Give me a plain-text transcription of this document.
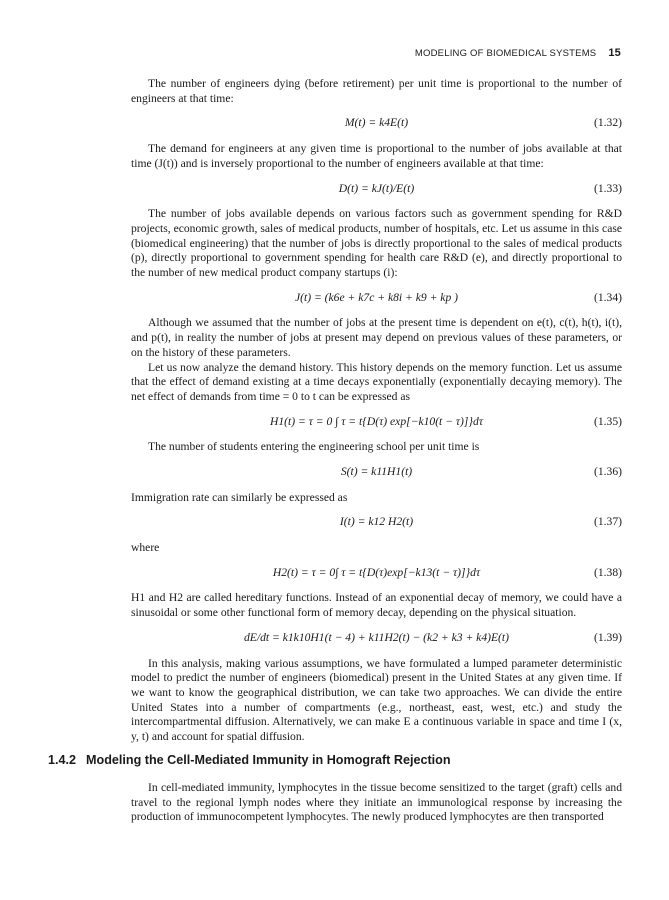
MODELING OF BIOMEDICAL SYSTEMS 15

The number of engineers dying (before retirement) per unit time is proportional to the number of engineers at that time:

M(t) = k4E(t)	(1.32)

The demand for engineers at any given time is proportional to the number of jobs available at that time (J(t)) and is inversely proportional to the number of engineers available at that time:

D(t) = kJ(t)/E(t)	(1.33)

The number of jobs available depends on various factors such as government spending for R&D projects, economic growth, sales of medical products, number of hospitals, etc. Let us assume in this case (biomedical engineering) that the number of jobs is directly proportional to the sales of medical products (p), directly proportional to government spending for health care R&D (e), and directly proportional to the number of new medical product company startups (i):

J(t) = (k6e + k7c + k8i + k9 + kp )	(1.34)

Although we assumed that the number of jobs at the present time is dependent on e(t), c(t), h(t), i(t), and p(t), in reality the number of jobs at present may depend on previous values of these parameters, or on the history of these parameters.

Let us now analyze the demand history. This history depends on the memory function. Let us assume that the effect of demand existing at a time decays exponentially (exponentially decaying memory). The net effect of demands from time = 0 to t can be expressed as

H1(t) = τ = 0 ∫ τ = t{D(τ) exp[−k10(t − τ)]}dτ	(1.35)

The number of students entering the engineering school per unit time is

S(t) = k11H1(t)	(1.36)

Immigration rate can similarly be expressed as

I(t) = k12 H2(t)	(1.37)

where

H2(t) = τ = 0∫ τ = t{D(τ)exp[−k13(t − τ)]}dτ	(1.38)

H1 and H2 are called hereditary functions. Instead of an exponential decay of memory, we could have a sinusoidal or some other functional form of memory decay, depending on the physical situation.

dE/dt = k1k10H1(t − 4) + k11H2(t) − (k2 + k3 + k4)E(t)	(1.39)

In this analysis, making various assumptions, we have formulated a lumped parameter deterministic model to predict the number of engineers (biomedical) present in the United States at any given time. If we want to know the geographical distribution, we can take two approaches. We can divide the entire United States into a number of compartments (e.g., northeast, east, west, etc.) and study the intercompartmental diffusion. Alternatively, we can make E a continuous variable in space and time I (x, y, t) and account for spatial diffusion.

1.4.2 Modeling the Cell-Mediated Immunity in Homograft Rejection

In cell-mediated immunity, lymphocytes in the tissue become sensitized to the target (graft) cells and travel to the regional lymph nodes where they initiate an immunological response by increasing the production of immunocompetent lymphocytes. The newly produced lymphocytes are then transported
